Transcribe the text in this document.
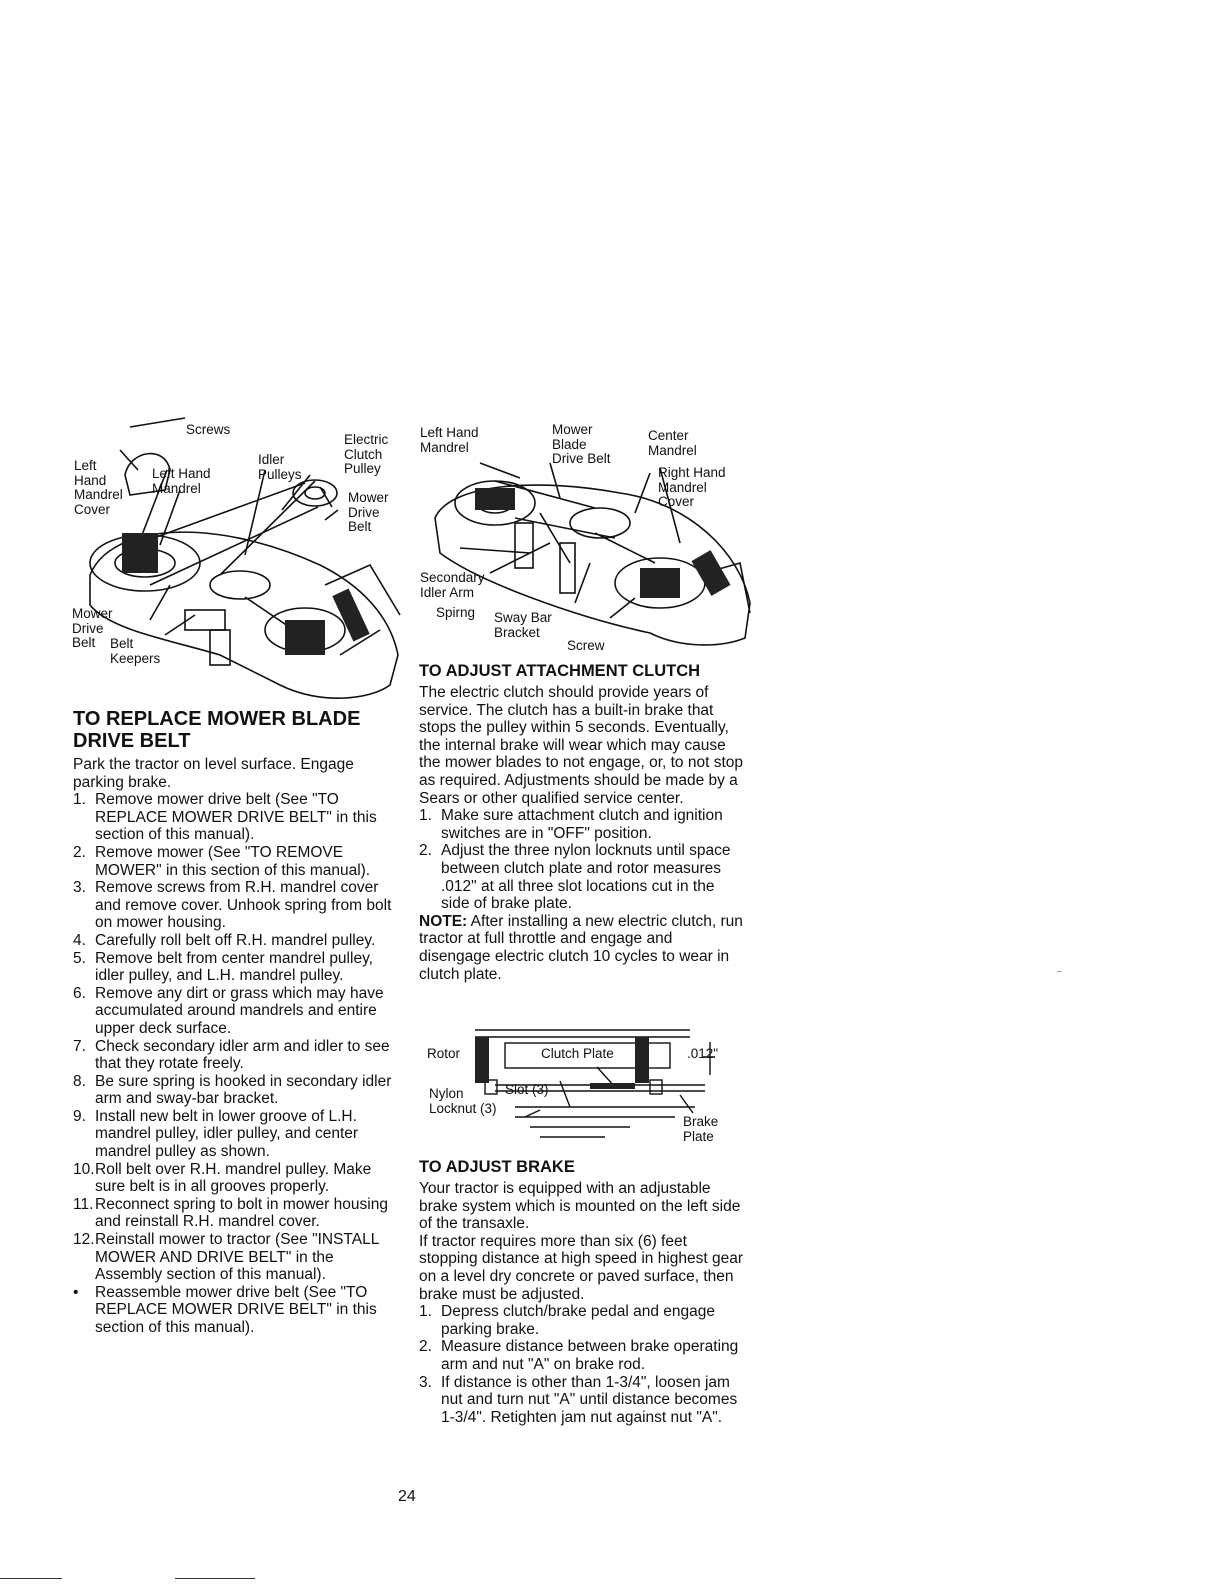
Screws
Left
Hand
Mandrel
Cover
Left Hand
Mandrel
Idler
Pulleys
Electric
Clutch
Pulley
Mower
Drive
Belt
Mower
Drive
Belt	Belt
Keepers
TO REPLACE MOWER BLADE DRIVE BELT

Park the tractor on level surface. Engage parking brake.

1. Remove mower drive belt (See "TO REPLACE MOWER DRIVE BELT" in this section of this manual).
2. Remove mower (See "TO REMOVE MOWER" in this section of this manual).
3. Remove screws from R.H. mandrel cover and remove cover. Unhook spring from bolt on mower housing.
4. Carefully roll belt off R.H. mandrel pulley.
5. Remove belt from center mandrel pulley, idler pulley, and L.H. mandrel pulley.
6. Remove any dirt or grass which may have accumulated around mandrels and entire upper deck surface.
7. Check secondary idler arm and idler to see that they rotate freely.
8. Be sure spring is hooked in secondary idler arm and sway-bar bracket.
9. Install new belt in lower groove of L.H. mandrel pulley, idler pulley, and center mandrel pulley as shown.
10. Roll belt over R.H. mandrel pulley. Make sure belt is in all grooves properly.
11. Reconnect spring to bolt in mower housing and reinstall R.H. mandrel cover.
12. Reinstall mower to tractor (See "INSTALL MOWER AND DRIVE BELT" in the Assembly section of this manual).
• Reassemble mower drive belt (See "TO REPLACE MOWER DRIVE BELT" in this section of this manual).
Left Hand
Mandrel
Mower
Blade
Drive Belt
Center
Mandrel
Right Hand
Mandrel
Cover
Secondary
Idler Arm
Spirng Sway Bar
Bracket
Screw
TO ADJUST ATTACHMENT CLUTCH

The electric clutch should provide years of service. The clutch has a built-in brake that stops the pulley within 5 seconds. Eventually, the internal brake will wear which may cause the mower blades to not engage, or, to not stop as required. Adjustments should be made by a Sears or other qualified service center.

1. Make sure attachment clutch and ignition switches are in "OFF" position.
2. Adjust the three nylon locknuts until space between clutch plate and rotor measures .012" at all three slot locations cut in the side of brake plate.

NOTE: After installing a new electric clutch, run tractor at full throttle and engage and disengage electric clutch 10 cycles to wear in clutch plate.

Rotor	Clutch Plate	.012"
Nylon
Locknut (3)
Slot (3)
Brake
Plate
TO ADJUST BRAKE

Your tractor is equipped with an adjustable brake system which is mounted on the left side of the transaxle.

If tractor requires more than six (6) feet stopping distance at high speed in highest gear on a level dry concrete or paved surface, then brake must be adjusted.

1. Depress clutch/brake pedal and engage parking brake.
2. Measure distance between brake operating arm and nut "A" on brake rod.
3. If distance is other than 1-3/4", loosen jam nut and turn nut "A" until distance becomes 1-3/4". Retighten jam nut against nut "A".
24
